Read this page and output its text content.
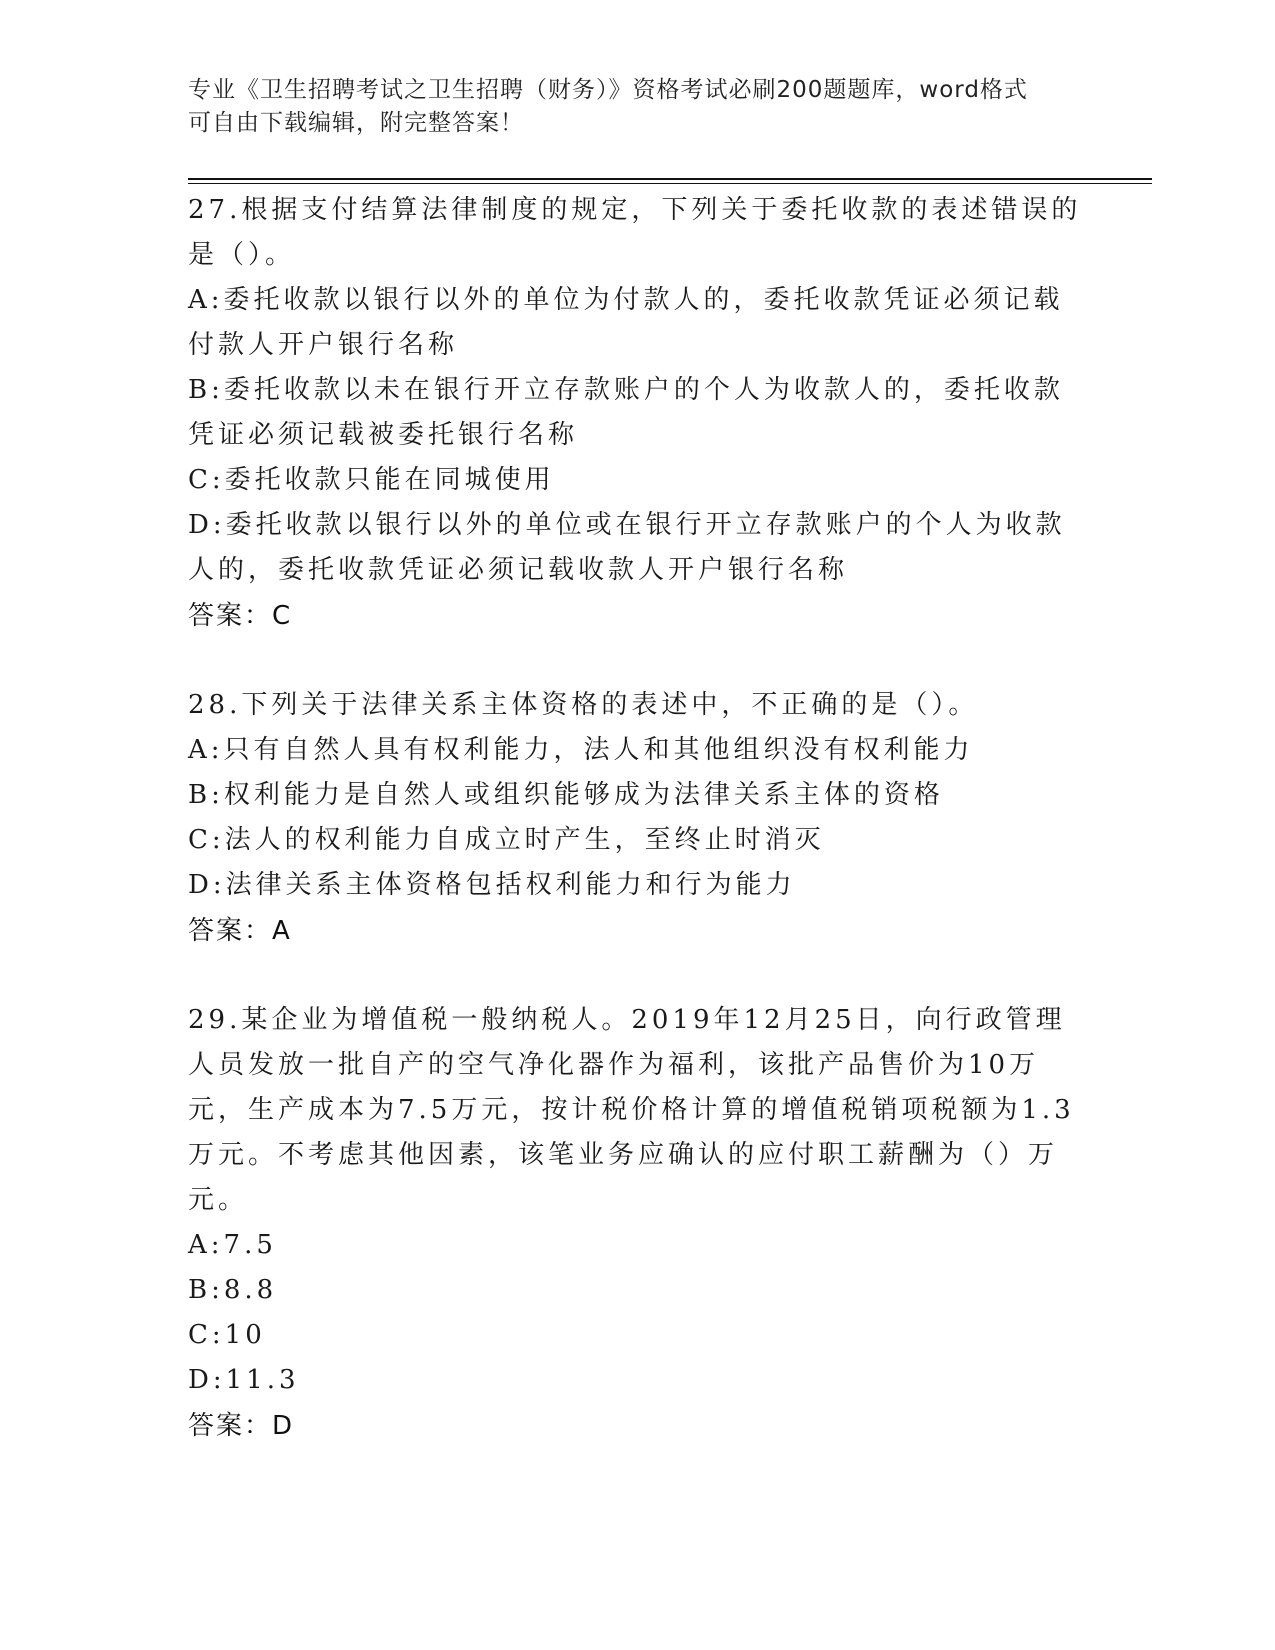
专业《卫生招聘考试之卫生招聘（财务）》资格考试必刷200题题库，word格式
可自由下载编辑，附完整答案！
27.根据支付结算法律制度的规定，下列关于委托收款的表述错误的是（）。
A:委托收款以银行以外的单位为付款人的，委托收款凭证必须记载付款人开户银行名称
B:委托收款以未在银行开立存款账户的个人为收款人的，委托收款凭证必须记载被委托银行名称
C:委托收款只能在同城使用
D:委托收款以银行以外的单位或在银行开立存款账户的个人为收款人的，委托收款凭证必须记载收款人开户银行名称
答案：C
28.下列关于法律关系主体资格的表述中，不正确的是（）。
A:只有自然人具有权利能力，法人和其他组织没有权利能力
B:权利能力是自然人或组织能够成为法律关系主体的资格
C:法人的权利能力自成立时产生，至终止时消灭
D:法律关系主体资格包括权利能力和行为能力
答案：A
29.某企业为增值税一般纳税人。2019年12月25日，向行政管理人员发放一批自产的空气净化器作为福利，该批产品售价为10万元，生产成本为7.5万元，按计税价格计算的增值税销项税额为1.3万元。不考虑其他因素，该笔业务应确认的应付职工薪酬为（）万元。
A:7.5
B:8.8
C:10
D:11.3
答案：D
